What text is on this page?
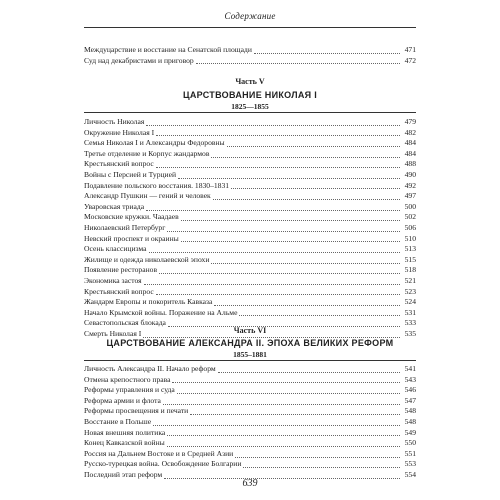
Содержание
Междуцарствие и восстание на Сенатской площади	471
Суд над декабристами и приговор	472
Часть V
ЦАРСТВОВАНИЕ НИКОЛАЯ I
1825—1855
Личность Николая	479
Окружение Николая I	482
Семья Николая I и Александры Федоровны	484
Третье отделение и Корпус жандармов	484
Крестьянский вопрос	488
Войны с Персией и Турцией	490
Подавление польского восстания. 1830–1831	492
Александр Пушкин — гений и человек	497
Уваровская триада	500
Московские кружки. Чаадаев	502
Николаевский Петербург	506
Невский проспект и окраины	510
Осень классицизма	513
Жилище и одежда николаевской эпохи	515
Появление ресторанов	518
Экономика застоя	521
Крестьянский вопрос	523
Жандарм Европы и покоритель Кавказа	524
Начало Крымской войны. Поражение на Альме	531
Севастопольская блокада	533
Смерть Николая I	535
Часть VI
ЦАРСТВОВАНИЕ АЛЕКСАНДРА II. ЭПОХА ВЕЛИКИХ РЕФОРМ
1855–1881
Личность Александра II. Начало реформ	541
Отмена крепостного права	543
Реформы управления и суда	546
Реформа армии и флота	547
Реформы просвещения и печати	548
Восстание в Польше	548
Новая внешняя политика	549
Конец Кавказской войны	550
Россия на Дальнем Востоке и в Средней Азии	551
Русско-турецкая война. Освобождение Болгарии	553
Последний этап реформ	554
639
